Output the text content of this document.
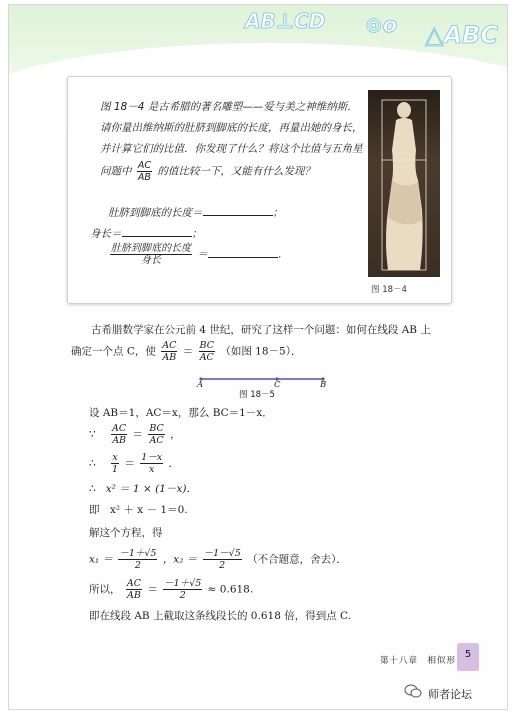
AB⊥CD ⊙o △ABC

图 18－4 是古希腊的著名雕塑——爱与美之神维纳斯．请你量出维纳斯的肚脐到脚底的长度，再量出她的身长，并计算它们的比值．你发现了什么？将这个比值与五角星问题中 $\frac{AC}{AB}$ 的值比较一下，又能有什么发现？

肚脐到脚底的长度＝	；
身长＝	；
$\frac{\text{肚脐到脚底的长度}}{\text{身长}}$ ＝	．
图 18－4
古希腊数学家在公元前 4 世纪，研究了这样一个问题：如何在线段 AB 上
确定一个点 C，使 $\frac{AC}{AB} = \frac{BC}{AC}$ （如图 18－5）．
A	C	B
图 18－5
设 AB＝1，AC＝x，那么 BC＝1－x．
∵ $\frac{AC}{AB} = \frac{BC}{AC}$ ，
∴ $\frac{x}{1} = \frac{1-x}{x}$ ．
∴ x² ＝ 1 × (1－x)．
即　x² ＋ x － 1＝0.
解这个方程，得
$x_1 = \frac{-1+√5}{2}$ ，$x_2 = \frac{-1-√5}{2}$ （不合题意，舍去）．
所以， $\frac{AC}{AB} = \frac{-1+√5}{2} \approx 0.618$.
即在线段 AB 上截取这条线段长的 0.618 倍，得到点 C.
第十八章　相似形
5
师者论坛
